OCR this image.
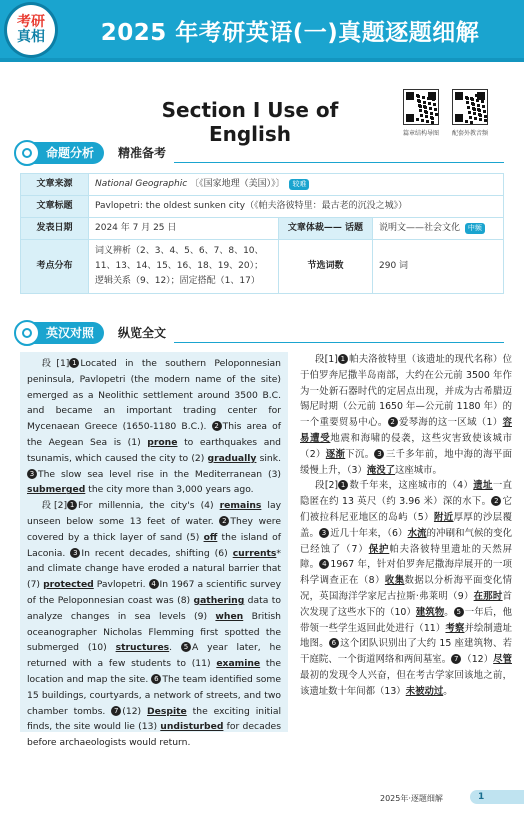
考研
真相	2025 年考研英语(一)真题逐题细解
Section Ⅰ Use of English	篇章结构导图	配套外教音频
命题分析	精准备考
文章来源	National Geographic 〔《国家地理（美国）》〕 较难		
文章标题	Pavlopetri: the oldest sunken city（《帕夫洛彼特里：最古老的沉没之城》）		
发表日期	2024 年 7 月 25 日	文章体裁—— 话题	说明文——社会文化 中频
考点分布	词义辨析（2、3、4、5、6、7、8、10、11、13、14、15、16、18、19、20）；逻辑关系（9、12）；固定搭配（1、17）	节选词数	290 词
英汉对照	纵览全文

段[1] 1 Located in the southern Peloponnesian peninsula, Pavlopetri (the modern name of the site) emerged as a Neolithic settlement around 3500 B.C. and became an important trading center for Mycenaean Greece (1650-1180 B.C.). 2 This area of the Aegean Sea is (1) prone to earthquakes and tsunamis, which caused the city to (2) gradually sink. 3 The slow sea level rise in the Mediterranean (3) submerged the city more than 3,000 years ago.

段[2] 1 For millennia, the city's (4) remains lay unseen below some 13 feet of water. 2 They were covered by a thick layer of sand (5) off the island of Laconia. 3 In recent decades, shifting (6) currents* and climate change have eroded a natural barrier that (7) protected Pavlopetri. 4 In 1967 a scientific survey of the Peloponnesian coast was (8) gathering data to analyze changes in sea levels (9) when British oceanographer Nicholas Flemming first spotted the submerged (10) structures. 5 A year later, he returned with a few students to (11) examine the location and map the site. 6 The team identified some 15 buildings, courtyards, a network of streets, and two chamber tombs. 7 (12) Despite the exciting initial finds, the site would lie (13) undisturbed for decades before archaeologists would return.

段[1] 1 帕夫洛彼特里（该遗址的现代名称）位于伯罗奔尼撒半岛南部，大约在公元前 3500 年作为一处新石器时代的定居点出现，并成为古希腊迈锡尼时期（公元前 1650 年—公元前 1180 年）的一个重要贸易中心。 2 爱琴海的这一区域（1）容易遭受地震和海啸的侵袭，这些灾害致使该城市（2）逐渐下沉。 3 三千多年前，地中海的海平面缓慢上升，（3）淹没了这座城市。

段[2] 1 数千年来，这座城市的（4）遗址一直隐匿在约 13 英尺（约 3.96 米）深的水下。 2 它们被拉科尼亚地区的岛屿（5）附近厚厚的沙层覆盖。 3 近几十年来，（6）水流的冲刷和气候的变化已经蚀了（7）保护帕夫洛彼特里遗址的天然屏障。 4 1967 年，针对伯罗奔尼撒海岸展开的一项科学调查正在（8）收集数据以分析海平面变化情况，英国海洋学家尼古拉斯·弗莱明（9）在那时首次发现了这些水下的（10）建筑物。 5 一年后，他带领一些学生返回此处进行（11）考察并绘制遗址地图。 6 这个团队识别出了大约 15 座建筑物、若干庭院、一个街道网络和两间墓室。 7 （12）尽管最初的发现令人兴奋，但在考古学家回该地之前，该遗址数十年间都（13）未被动过。

2025年·逐题细解	1
